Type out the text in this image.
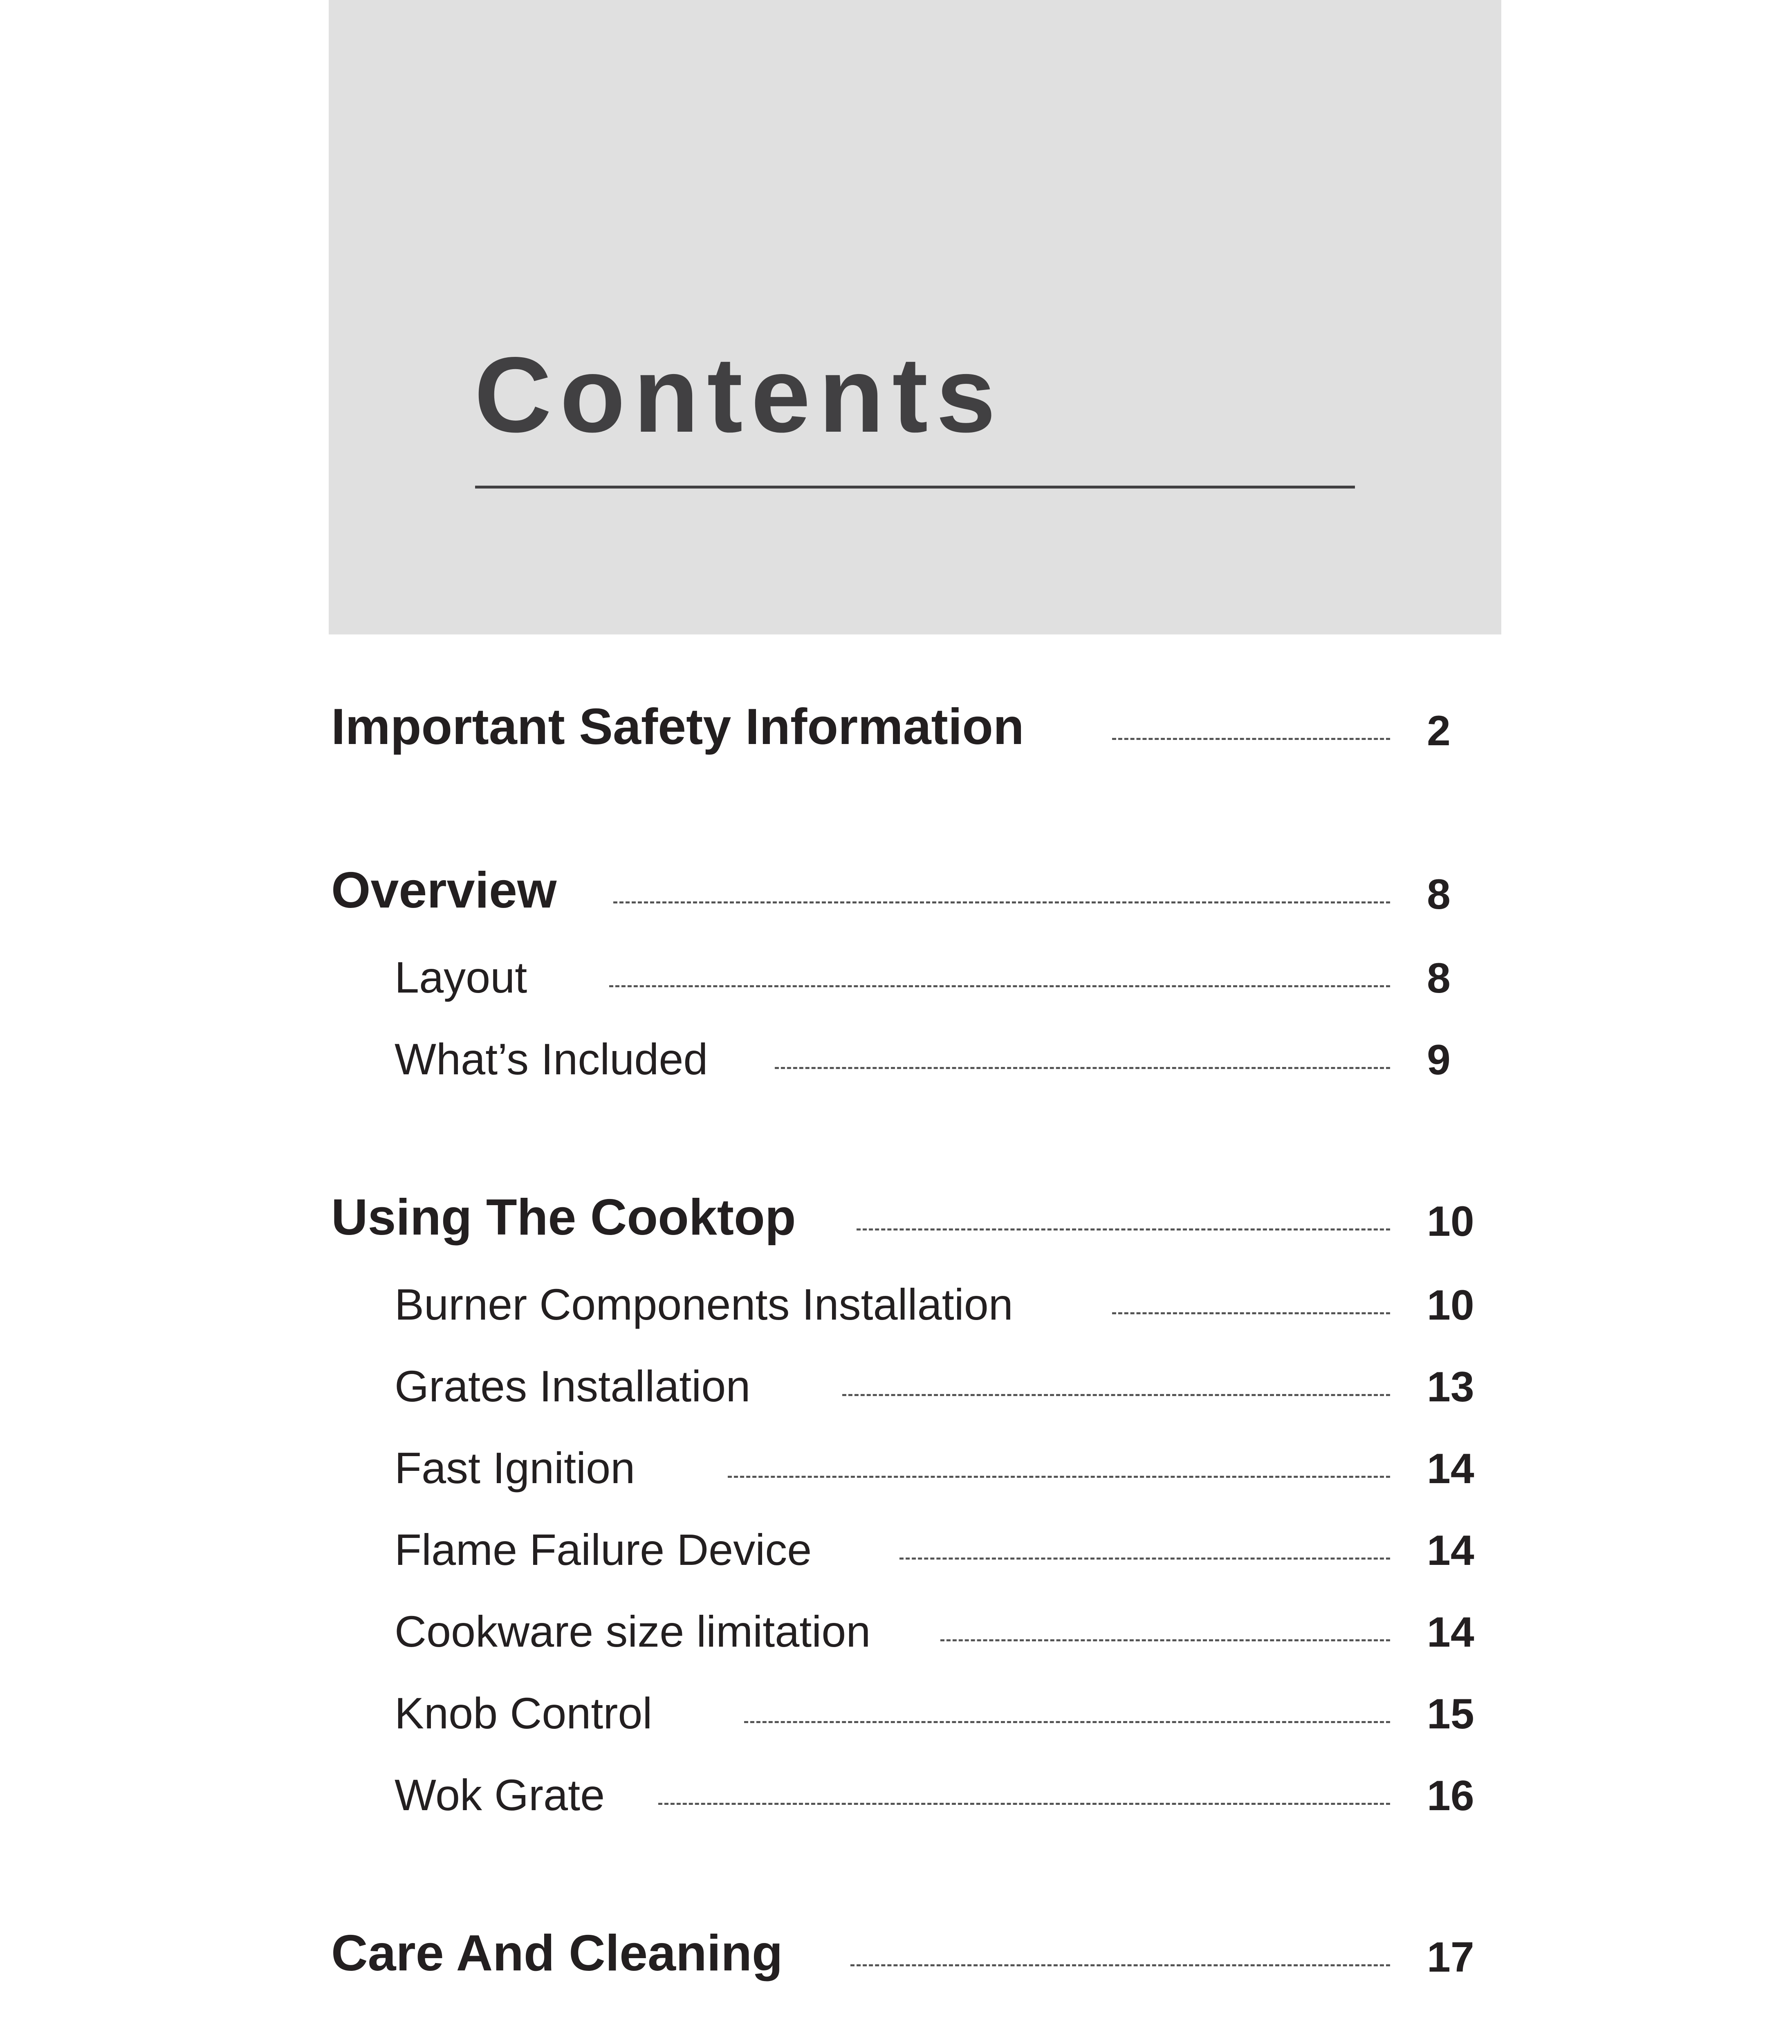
Contents
Important Safety Information	2
Overview	8
Layout	8
What’s Included	9
Using The Cooktop	10
Burner Components Installation	10
Grates Installation	13
Fast Ignition	14
Flame Failure Device	14
Cookware size limitation	14
Knob Control	15
Wok Grate	16
Care And Cleaning	17
